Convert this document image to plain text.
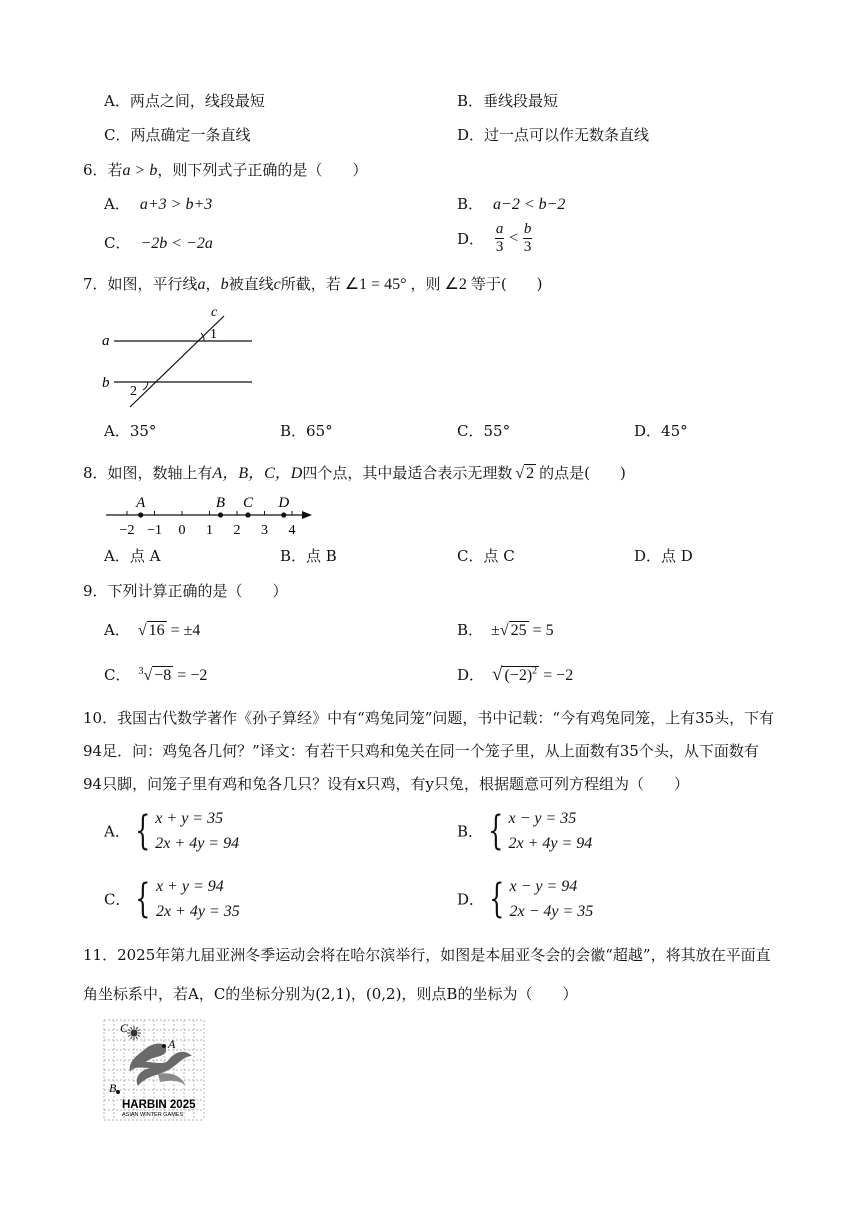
A．两点之间，线段最短	B．垂线段最短
C．两点确定一条直线	D．过一点可以作无数条直线
6．若a > b，则下列式子正确的是（　　）
A． a+3 > b+3	B． a−2 < b−2
C． −2b < −2a	D． $\frac{a}{3} < \frac{b}{3}$
7．如图，平行线a，b被直线c所截，若 ∠1 = 45° ，则 ∠2 等于(　　)
c
a
b
1
2
A．35°	B．65°	C．55°	D．45°
8．如图，数轴上有A，B，C，D四个点，其中最适合表示无理数 √ 2 的点是(　　)
−2 −1 0 1 2 3 4
A	B C D
A．点 A	B．点 B	C．点 C	D．点 D
9．下列计算正确的是（　　）
A． √ 16 = ±4	B． ±√ 25 = 5
C． $^3$√ −8 = −2	D． √ $(-2)^2 = -2$
10．我国古代数学著作《孙子算经》中有“鸡兔同笼”问题，书中记载：“今有鸡兔同笼，上有35头，下有
94足．问：鸡兔各几何？”译文：有若干只鸡和兔关在同一个笼子里，从上面数有35个头，从下面数有
94只脚，问笼子里有鸡和兔各几只？设有x只鸡，有y只兔，根据题意可列方程组为（　　）
A． { x + y = 35
2x + 4y = 94
B． { x − y = 35
2x + 4y = 94
C． { x + y = 94
2x + 4y = 35
D． { x − y = 94
2x − 4y = 35
11．2025年第九届亚洲冬季运动会将在哈尔滨举行，如图是本届亚冬会的会徽“超越”，将其放在平面直
角坐标系中，若A，C的坐标分别为(2,1)，(0,2)，则点B的坐标为（　　）
C
A
B
HARBIN 2025
ASIAN WINTER GAMES
